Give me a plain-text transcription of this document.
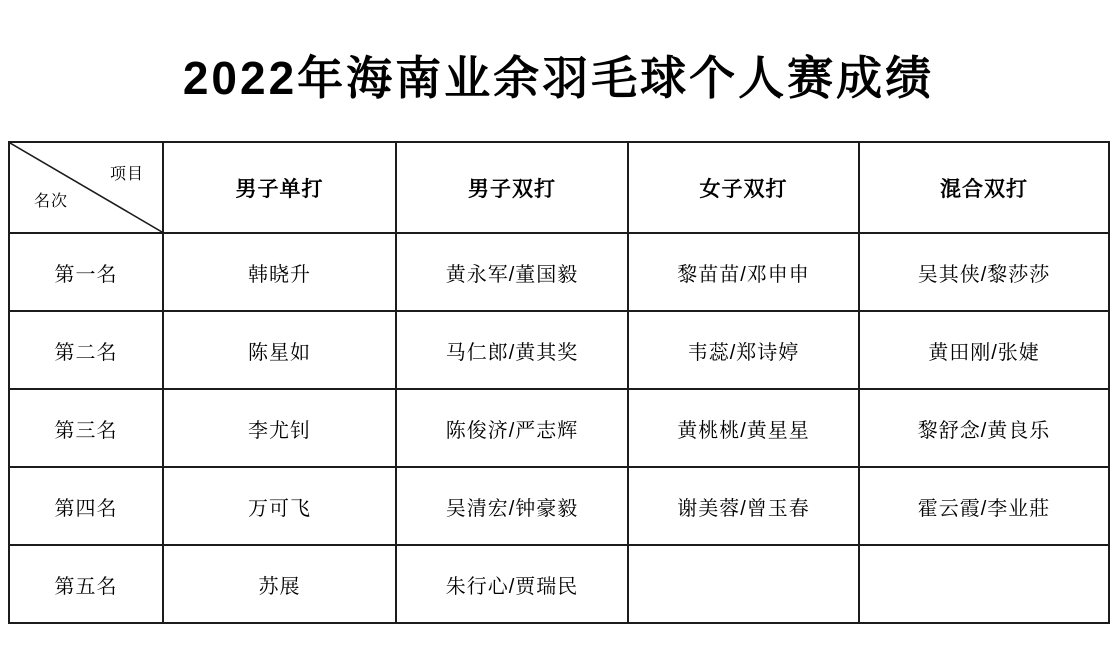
2022年海南业余羽毛球个人赛成绩
项目
名次	男子单打	男子双打	女子双打	混合双打
第一名	韩晓升	黄永军/董国毅	黎苗苗/邓申申	吴其侠/黎莎莎
第二名	陈星如	马仁郎/黄其奖	韦蕊/郑诗婷	黄田刚/张婕
第三名	李尤钊	陈俊济/严志辉	黄桃桃/黄星星	黎舒念/黄良乐
第四名	万可飞	吴清宏/钟豪毅	谢美蓉/曾玉春	霍云霞/李业莊
第五名	苏展	朱行心/贾瑞民		
